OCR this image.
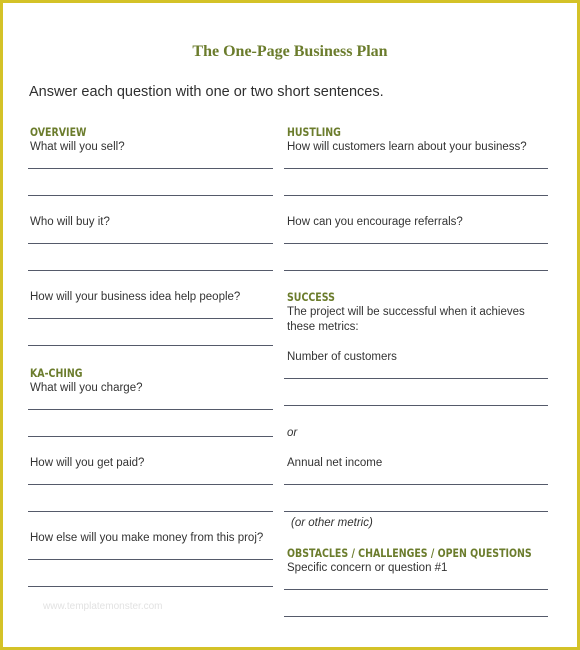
The One-Page Business Plan
Answer each question with one or two short sentences.
OVERVIEW
What will you sell?
Who will buy it?
How will your business idea help people?
KA-CHING
What will you charge?
How will you get paid?
How else will you make money from this proj?
HUSTLING
How will customers learn about your business?
How can you encourage referrals?
SUCCESS
The project will be successful when it achieves these metrics:
Number of customers
or
Annual net income
(or other metric)
OBSTACLES / CHALLENGES / OPEN QUESTIONS
Specific concern or question #1
www.templatemonster.com
